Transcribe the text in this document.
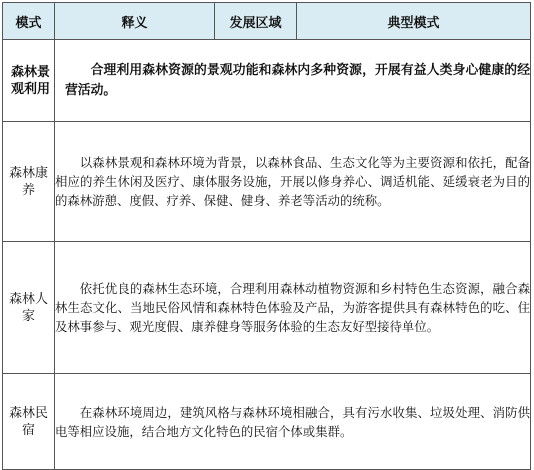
模式	释义	发展区域	典型模式
森林景观利用	合理利用森林资源的景观功能和森林内多种资源，开展有益人类身心健康的经营活动。		
森林康养	以森林景观和森林环境为背景，以森林食品、生态文化等为主要资源和依托，配备相应的养生休闲及医疗、康体服务设施，开展以修身养心、调适机能、延缓衰老为目的的森林游憩、度假、疗养、保健、健身、养老等活动的统称。		
森林人家	依托优良的森林生态环境，合理利用森林动植物资源和乡村特色生态资源，融合森林生态文化、当地民俗风情和森林特色体验及产品，为游客提供具有森林特色的吃、住及林事参与、观光度假、康养健身等服务体验的生态友好型接待单位。		
森林民宿	在森林环境周边，建筑风格与森林环境相融合，具有污水收集、垃圾处理、消防供电等相应设施，结合地方文化特色的民宿个体或集群。		
